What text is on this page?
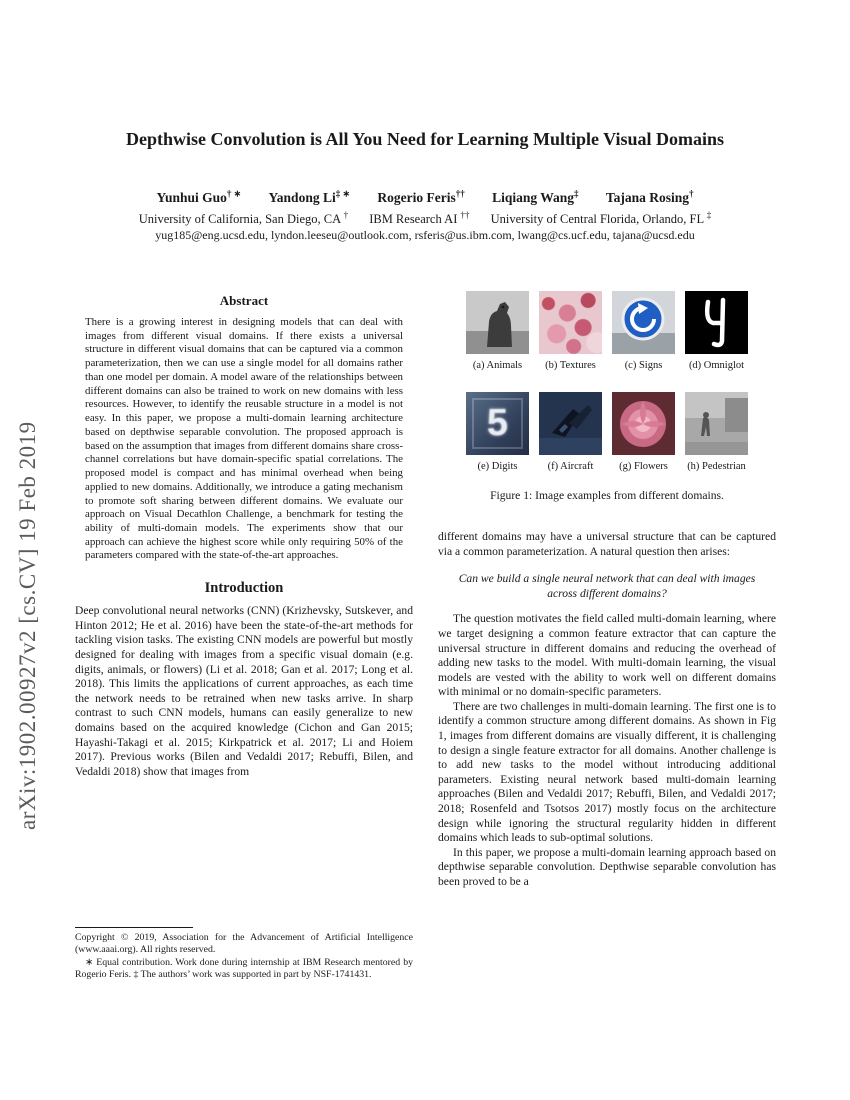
arXiv:1902.00927v2 [cs.CV] 19 Feb 2019
Depthwise Convolution is All You Need for Learning Multiple Visual Domains
Yunhui Guo† ∗ Yandong Li‡ ∗ Rogerio Feris†† Liqiang Wang‡ Tajana Rosing†
University of California, San Diego, CA † IBM Research AI †† University of Central Florida, Orlando, FL ‡
yug185@eng.ucsd.edu, lyndon.leeseu@outlook.com, rsferis@us.ibm.com, lwang@cs.ucf.edu, tajana@ucsd.edu
Abstract

There is a growing interest in designing models that can deal with images from different visual domains. If there exists a universal structure in different visual domains that can be captured via a common parameterization, then we can use a single model for all domains rather than one model per domain. A model aware of the relationships between different domains can also be trained to work on new domains with less resources. However, to identify the reusable structure in a model is not easy. In this paper, we propose a multi-domain learning architecture based on depthwise separable convolution. The proposed approach is based on the assumption that images from different domains share cross-channel correlations but have domain-specific spatial correlations. The proposed model is compact and has minimal overhead when being applied to new domains. Additionally, we introduce a gating mechanism to promote soft sharing between different domains. We evaluate our approach on Visual Decathlon Challenge, a benchmark for testing the ability of multi-domain models. The experiments show that our approach can achieve the highest score while only requiring 50% of the parameters compared with the state-of-the-art approaches.

Introduction

Deep convolutional neural networks (CNN) (Krizhevsky, Sutskever, and Hinton 2012; He et al. 2016) have been the state-of-the-art methods for tackling vision tasks. The existing CNN models are powerful but mostly designed for dealing with images from a specific visual domain (e.g. digits, animals, or flowers) (Li et al. 2018; Gan et al. 2017; Long et al. 2018). This limits the applications of current approaches, as each time the network needs to be retrained when new tasks arrive. In sharp contrast to such CNN models, humans can easily generalize to new domains based on the acquired knowledge (Cichon and Gan 2015; Hayashi-Takagi et al. 2015; Kirkpatrick et al. 2017; Li and Hoiem 2017). Previous works (Bilen and Vedaldi 2017; Rebuffi, Bilen, and Vedaldi 2018) show that images from

Copyright © 2019, Association for the Advancement of Artificial Intelligence (www.aaai.org). All rights reserved.

∗ Equal contribution. Work done during internship at IBM Research mentored by Rogerio Feris. ‡ The authors’ work was supported in part by NSF-1741431.

(a) Animals	(b) Textures	(c) Signs	(d) Omniglot
5
(e) Digits	(f) Aircraft	(g) Flowers	(h) Pedestrian
Figure 1: Image examples from different domains.

different domains may have a universal structure that can be captured via a common parameterization. A natural question then arises:

Can we build a single neural network that can deal with images across different domains?

The question motivates the field called multi-domain learning, where we target designing a common feature extractor that can capture the universal structure in different domains and reducing the overhead of adding new tasks to the model. With multi-domain learning, the visual models are vested with the ability to work well on different domains with minimal or no domain-specific parameters.

There are two challenges in multi-domain learning. The first one is to identify a common structure among different domains. As shown in Fig 1, images from different domains are visually different, it is challenging to design a single feature extractor for all domains. Another challenge is to add new tasks to the model without introducing additional parameters. Existing neural network based multi-domain learning approaches (Bilen and Vedaldi 2017; Rebuffi, Bilen, and Vedaldi 2017; 2018; Rosenfeld and Tsotsos 2017) mostly focus on the architecture design while ignoring the structural regularity hidden in different domains which leads to sub-optimal solutions.

In this paper, we propose a multi-domain learning approach based on depthwise separable convolution. Depthwise separable convolution has been proved to be a
